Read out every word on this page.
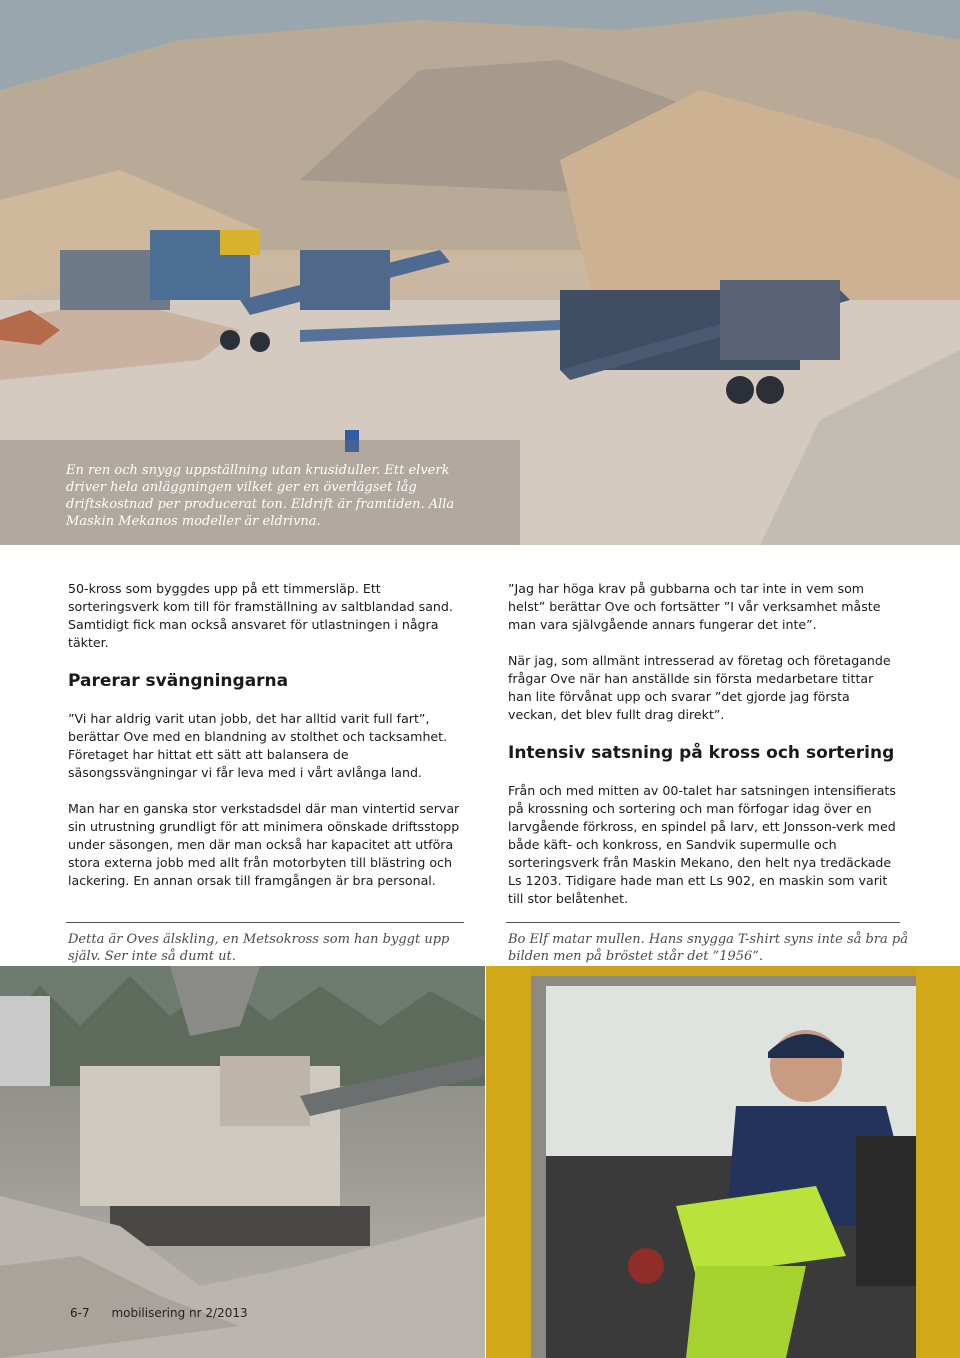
En ren och snygg uppställning utan krusiduller. Ett elverk driver hela anläggningen vilket ger en överlägset låg driftskostnad per producerat ton. Eldrift är framtiden. Alla Maskin Mekanos modeller är eldrivna.

50-kross som byggdes upp på ett timmersläp. Ett sorteringsverk kom till för framställning av saltblandad sand. Samtidigt fick man också ansvaret för utlastningen i några täkter.

Parerar svängningarna

”Vi har aldrig varit utan jobb, det har alltid varit full fart”, berättar Ove med en blandning av stolthet och tacksamhet. Företaget har hittat ett sätt att balansera de säsongssvängningar vi får leva med i vårt avlånga land.

Man har en ganska stor verkstadsdel där man vintertid servar sin utrustning grundligt för att minimera oönskade driftsstopp under säsongen, men där man också har kapacitet att utföra stora externa jobb med allt från motorbyten till blästring och lackering. En annan orsak till framgången är bra personal.

”Jag har höga krav på gubbarna och tar inte in vem som helst” berättar Ove och fortsätter ”I vår verksamhet måste man vara självgående annars fungerar det inte”.

När jag, som allmänt intresserad av företag och företagande frågar Ove när han anställde sin första medarbetare tittar han lite förvånat upp och svarar ”det gjorde jag första veckan, det blev fullt drag direkt”.

Intensiv satsning på kross och sortering

Från och med mitten av 00-talet har satsningen intensifierats på krossning och sortering och man förfogar idag över en larvgående förkross, en spindel på larv, ett Jonsson-verk med både käft- och konkross, en Sandvik supermulle och sorteringsverk från Maskin Mekano, den helt nya tredäckade Ls 1203. Tidigare hade man ett Ls 902, en maskin som varit till stor belåtenhet.

Detta är Oves älskling, en Metsokross som han byggt upp själv. Ser inte så dumt ut.
Bo Elf matar mullen. Hans snygga T-shirt syns inte så bra på bilden men på bröstet står det ”1956”.
6-7 mobilisering nr 2/2013
